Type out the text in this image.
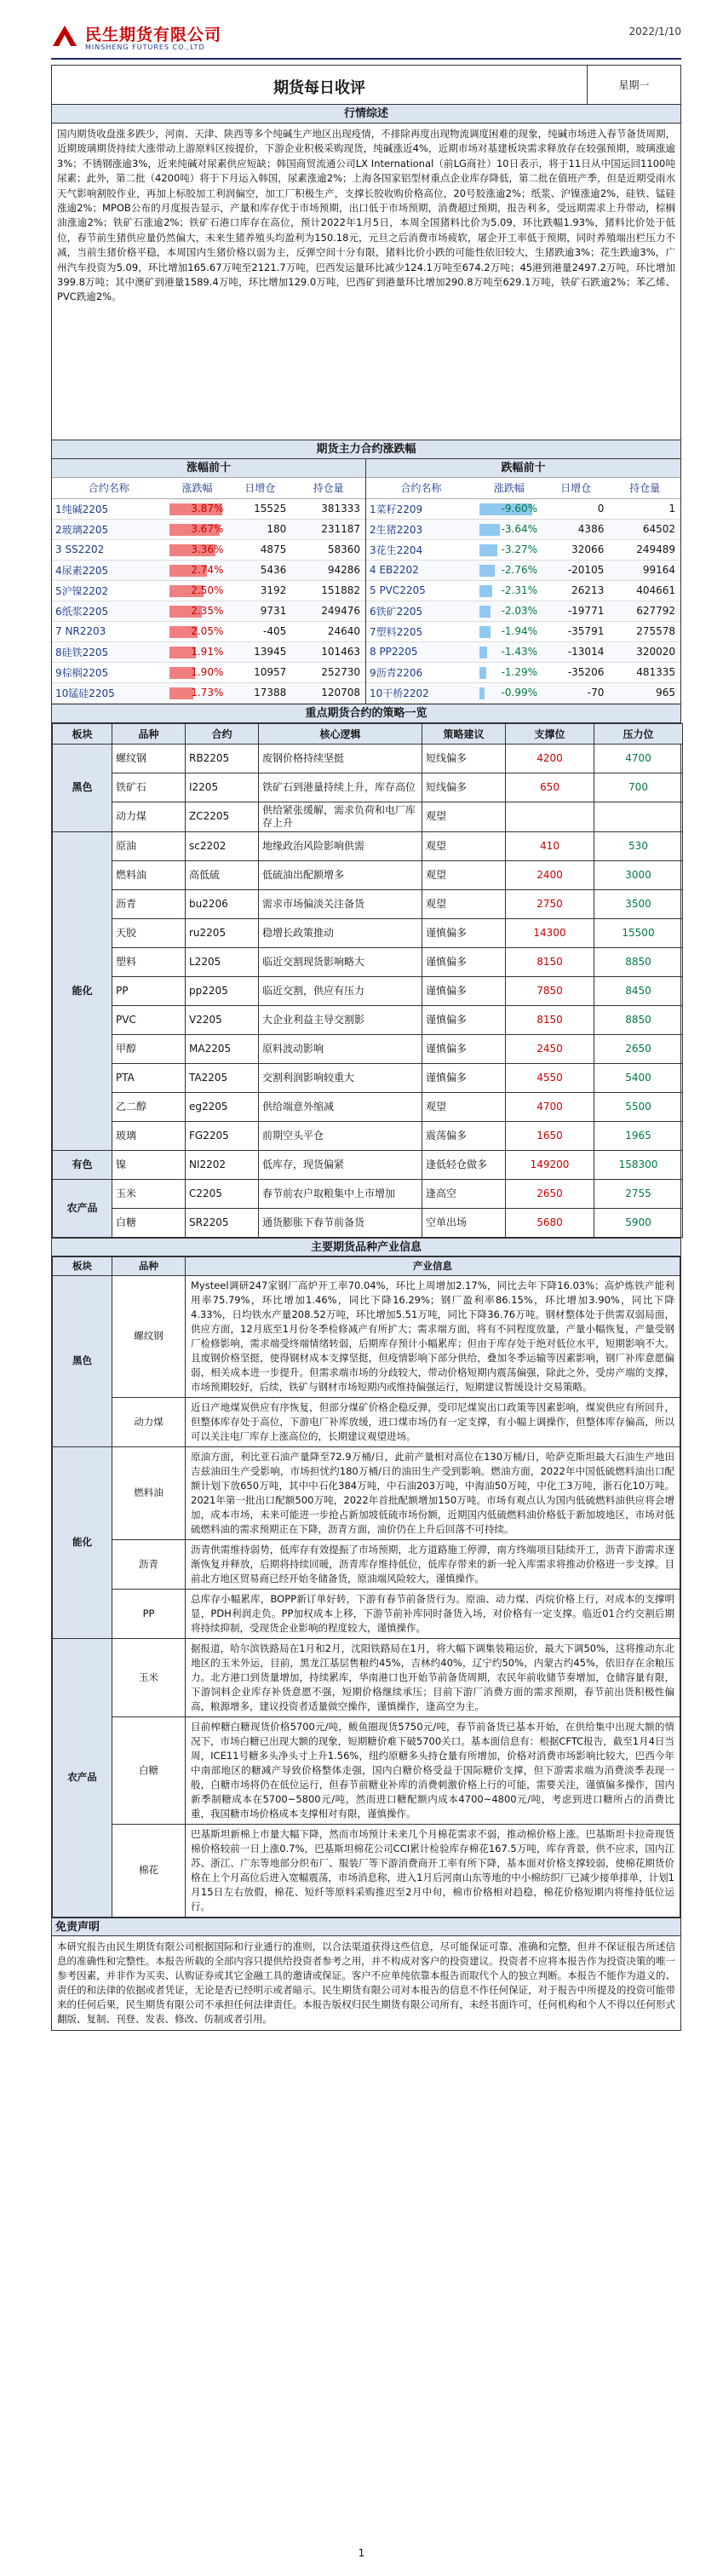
民生期货有限公司
MINSHENG FUTURES CO.,LTD
2022/1/10
期货每日收评	星期一
行情综述
国内期货收盘涨多跌少，河南、天津、陕西等多个纯碱生产地区出现疫情，不排除再度出现物流调度困难的现象，纯碱市场进入春节备货周期，近期玻璃期货持续大涨带动上游原料区按提价，下游企业积极采购现货，纯碱涨近4%，近期市场对基建板块需求释放存在较强预期，玻璃涨逾3%；不锈钢涨逾3%，近来纯碱对尿素供应短缺；韩国商贸流通公司LX International（前LG商社）10日表示，将于11日从中国运回1100吨尿素；此外，第二批（4200吨）将于下月运入韩国，尿素涨逾2%；上海各国家铝型材重点企业库存降低，第二批在值班产季，但是近期受雨水天气影响割胶作业，再加上标胶加工利润偏空，加工厂积极生产，支撑长胶收购价格高位，20号胶涨逾2%；纸浆、沪镍涨逾2%，硅铁、锰硅涨逾2%；MPOB公布的月度报告显示，产量和库存优于市场预期，出口低于市场预期，消费超过预期，报告利多，受远期需求上升带动，棕榈油涨逾2%；铁矿石涨逾2%；铁矿石港口库存在高位，预计2022年1月5日，本周全国猪料比价为5.09，环比跌幅1.93%，猪料比价处于低位，春节前生猪供应量仍然偏大，未来生猪养殖头均盈利为150.18元，元旦之后消费市场疲软，屠企开工率低于预期，同时养殖端出栏压力不减，当前生猪价格平稳，本周国内生猪价格以弱为主，反弹空间十分有限，猪料比价小跌的可能性依旧较大，生猪跌逾3%；花生跌逾3%，广州汽车投资为5.09，环比增加165.67万吨至2121.7万吨，巴西发运量环比减少124.1万吨至674.2万吨；45港到港量2497.2万吨，环比增加399.8万吨；其中澳矿到港量1589.4万吨，环比增加129.0万吨，巴西矿到港量环比增加290.8万吨至629.1万吨，铁矿石跌逾2%；苯乙烯、PVC跌逾2%。
期货主力合约涨跌幅
涨幅前十
合约名称	涨跌幅	日增仓	持仓量
1纯碱2205	3.87%	15525	381333
2玻璃2205	3.67%	180	231187
3 SS2202	3.36%	4875	58360
4尿素2205	2.74%	5436	94286
5沪镍2202	2.50%	3192	151882
6纸浆2205	2.35%	9731	249476
7 NR2203	2.05%	-405	24640
8硅铁2205	1.91%	13945	101463
9棕榈2205	1.90%	10957	252730
10锰硅2205	1.73%	17388	120708
跌幅前十
合约名称	涨跌幅	日增仓	持仓量
1菜籽2209	-9.60%	0	1
2生猪2203	-3.64%	4386	64502
3花生2204	-3.27%	32066	249489
4 EB2202	-2.76%	-20105	99164
5 PVC2205	-2.31%	26213	404661
6铁矿2205	-2.03%	-19771	627792
7塑料2205	-1.94%	-35791	275578
8 PP2205	-1.43%	-13014	320020
9沥青2206	-1.29%	-35206	481335
10干桥2202	-0.99%	-70	965
重点期货合约的策略一览
板块	品种	合约	核心逻辑	策略建议	支撑位	压力位
黑色	螺纹钢	RB2205	废钢价格持续坚挺	短线偏多	4200	4700
	铁矿石	I2205	铁矿石到港量持续上升，库存高位	短线偏多	650	700
	动力煤	ZC2205	供给紧张缓解，需求负荷和电厂库存上升	观望		
能化	原油	sc2202	地缘政治风险影响供需	观望	410	530
	燃料油	高低硫	低硫油出配额增多	观望	2400	3000
	沥青	bu2206	需求市场偏淡关注备货	观望	2750	3500
	天胶	ru2205	稳增长政策推动	谨慎偏多	14300	15500
	塑料	L2205	临近交割现货影响略大	谨慎偏多	8150	8850
	PP	pp2205	临近交割，供应有压力	谨慎偏多	7850	8450
	PVC	V2205	大企业利益主导交割影	谨慎偏多	8150	8850
	甲醇	MA2205	原料波动影响	谨慎偏多	2450	2650
	PTA	TA2205	交割利润影响较重大	谨慎偏多	4550	5400
	乙二醇	eg2205	供给端意外缩减	观望	4700	5500
	玻璃	FG2205	前期空头平仓	震荡偏多	1650	1965
有色	镍	NI2202	低库存，现货偏紧	逢低轻仓做多	149200	158300
农产品	玉米	C2205	春节前农户取粮集中上市增加	逢高空	2650	2755
	白糖	SR2205	通货膨胀下春节前备货	空单出场	5680	5900
主要期货品种产业信息
板块	品种	产业信息
黑色	螺纹钢	Mysteel调研247家钢厂高炉开工率70.04%，环比上周增加2.17%，同比去年下降16.03%；高炉炼铁产能利用率75.79%，环比增加1.46%，同比下降16.29%；钢厂盈利率86.15%，环比增加3.90%，同比下降4.33%，日均铁水产量208.52万吨，环比增加5.51万吨，同比下降36.76万吨。钢材整体处于供需双弱局面，供应方面，12月底至1月份冬季检修减产有所扩大；需求端方面，将有不同程度放量，产量小幅恢复，产量受钢厂检修影响，需求端受终端情绪转弱，后期库存预计小幅累库；但由于库存处于绝对低位水平，短期影响不大。且废钢价格坚挺，使得钢材成本支撑坚挺，但疫情影响下部分供给，叠加冬季运输等因素影响，钢厂补库意愿偏弱，相关成本进一步提升。但需求端市场的分歧较大，带动价格短期内震荡偏强，除此之外，受房产端的支撑，市场预期较好，后续，铁矿与钢材市场短期内或维持偏强运行，短期建议暂缓设计交易策略。
	动力煤	近日产地煤炭供应有序恢复，但部分煤矿价格企稳反弹，受印尼煤炭出口政策等因素影响，煤炭供应有所回升，但整体库存处于高位，下游电厂补库放缓，进口煤市场仍有一定支撑，有小幅上调操作，但整体库存偏高，所以可以关注电厂库存上涨高位的，长期建议观望进场。
能化	燃料油	原油方面，利比亚石油产量降至72.9万桶/日，此前产量相对高位在130万桶/日，哈萨克斯坦最大石油生产地田吉兹油田生产受影响，市场担忧约180万桶/日的油田生产受到影响。燃油方面，2022年中国低硫燃料油出口配额计划下放650万吨，其中中石化384万吨，中石油203万吨，中海油50万吨，中化工3万吨，浙石化10万吨。2021年第一批出口配额500万吨，2022年首批配额增加150万吨。市场有观点认为国内低硫燃料油供应将会增加，成本市场，未来可能进一步抢占新加坡低硫市场份额，近期国内低硫燃料油价格低于新加坡地区，市场对低硫燃料油的需求预期正在下降，沥青方面，油价仍在上升后回落不可持续。
	沥青	沥青供需维持弱势，低库存有效提振了市场预期，北方道路施工停滞，南方终端项目陆续开工，沥青下游需求逐渐恢复并释放，后期将持续回暖，沥青库存维持低位，低库存带来的新一轮入库需求将推动价格进一步支撑。目前北方地区贸易商已经开始冬储备货，原油端风险较大，谨慎操作。
	PP	总库存小幅累库，BOPP新订单好转，下游有春节前备货行为。原油、动力煤、丙烷价格上行，对成本的支撑明显，PDH利润走负。PP加权成本上移，下游节前补库同时备货入场，对价格有一定支撑。临近01合约交割后期将持续抑制，受现货企业影响的程度较大，谨慎操作。
农产品	玉米	据报道，哈尔滨铁路局在1月和2月，沈阳铁路局在1月，将大幅下调集装箱运价，最大下调50%，这将推动东北地区的玉米外运，目前，黑龙江基层售粮约45%，吉林约40%，辽宁约50%，内蒙古约45%，依旧存在余粮压力。北方港口到货量增加，持续累库，华南港口也开始节前备货周期，农民年前收储节奏增加，仓储容量有限，下游饲料企业库存补货意愿不强，短期价格继续承压；目前下游厂消费方面的需求预期，春节前出货积极性偏高，粮源增多，建议投资者适量做空操作，谨慎操作，逢高空为主。
	白糖	目前榨糖白糖现货价格5700元/吨，鲅鱼圈现货5750元/吨，春节前备货已基本开始，在供给集中出现大额的情况下，市场白糖已出现大额的现象，短期糖价难下破5700关口。基本面信息有：根据CFTC报告，截至1月4日当周，ICE11号糖多头净头寸上升1.56%，纽约原糖多头持仓量有所增加，价格对消费市场影响比较大，巴西今年中南部地区的糖减产导致价格整体走强，国内白糖价格受益于国际糖价支撑，但下游需求端为消费淡季表现一般，白糖市场将仍在低位运行，但春节前糖业补库的消费刺激价格上行的可能，需要关注，谨慎偏多操作，国内新季制糖成本在5700~5800元/吨，然而进口糖配额内成本4700~4800元/吨，考虑到进口糖所占的消费比重，我国糖市场价格成本支撑相对有限，谨慎操作。
	棉花	巴基斯坦新棉上市量大幅下降，然而市场预计未来几个月棉花需求不弱，推动棉价格上涨。巴基斯坦卡拉奇现货棉价格较前一日上涨0.7%，巴基斯坦棉花公司CCI累计检验库存棉花167.5万吨，库存背景，供不应求，国内江苏、浙江、广东等地部分织布厂、服装厂等下游消费商开工率有所下降，基本面对价格支撑较弱，使棉花期货价格在上个月高位后进入宽幅震荡，市场消息称，进入1月后河南山东等地的中小棉纺织厂已减少接单排单，计划1月15日左右放假，棉花、短纤等原料采购推迟至2月中旬，棉市价格相对趋稳，棉花价格短期内将维持低位运行。
免责声明
本研究报告由民生期货有限公司根据国际和行业通行的准则，以合法渠道获得这些信息，尽可能保证可靠、准确和完整，但并不保证报告所述信息的准确性和完整性。本报告所载的全部内容只提供给投资者参考之用，并不构成对客户的投资建议。投资者不应将本报告作为投资决策的唯一参考因素，并非作为买卖、认购证券或其它金融工具的邀请或保证。客户不应单纯依靠本报告而取代个人的独立判断。本报告不能作为道义的、责任的和法律的依据或者凭证，无论是否已经明示或者暗示。民生期货有限公司对本报告的信息不作任何保证，对于报告中所提及的投资可能带来的任何后果，民生期货有限公司不承担任何法律责任。本报告版权归民生期货有限公司所有，未经书面许可，任何机构和个人不得以任何形式翻版、复制、刊登、发表、修改、仿制或者引用。
1
